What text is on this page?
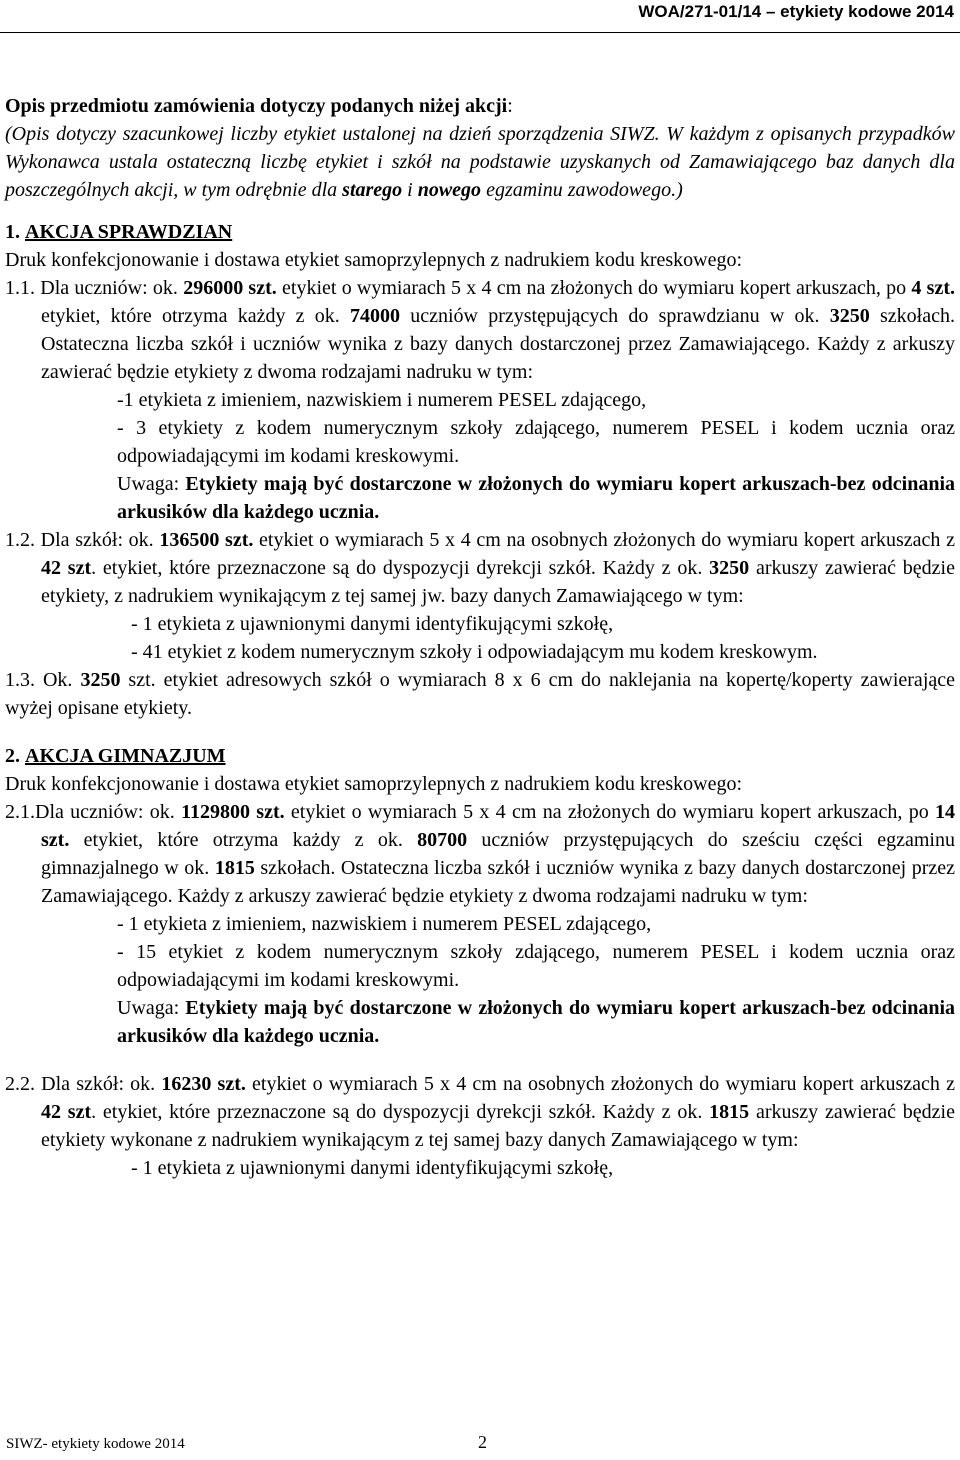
WOA/271-01/14 – etykiety kodowe 2014

Opis przedmiotu zamówienia dotyczy podanych niżej akcji:

(Opis dotyczy szacunkowej liczby etykiet ustalonej na dzień sporządzenia SIWZ. W każdym z opisanych przypadków Wykonawca ustala ostateczną liczbę etykiet i szkół na podstawie uzyskanych od Zamawiającego baz danych dla poszczególnych akcji, w tym odrębnie dla starego i nowego egzaminu zawodowego.)

1. AKCJA SPRAWDZIAN

Druk konfekcjonowanie i dostawa etykiet samoprzylepnych z nadrukiem kodu kreskowego:

1.1. Dla uczniów: ok. 296000 szt. etykiet o wymiarach 5 x 4 cm na złożonych do wymiaru kopert arkuszach, po 4 szt. etykiet, które otrzyma każdy z ok. 74000 uczniów przystępujących do sprawdzianu w ok. 3250 szkołach. Ostateczna liczba szkół i uczniów wynika z bazy danych dostarczonej przez Zamawiającego. Każdy z arkuszy zawierać będzie etykiety z dwoma rodzajami nadruku w tym:

-1 etykieta z imieniem, nazwiskiem i numerem PESEL zdającego,

- 3 etykiety z kodem numerycznym szkoły zdającego, numerem PESEL i kodem ucznia oraz odpowiadającymi im kodami kreskowymi.

Uwaga: Etykiety mają być dostarczone w złożonych do wymiaru kopert arkuszach-bez odcinania arkusików dla każdego ucznia.

1.2. Dla szkół: ok. 136500 szt. etykiet o wymiarach 5 x 4 cm na osobnych złożonych do wymiaru kopert arkuszach z 42 szt. etykiet, które przeznaczone są do dyspozycji dyrekcji szkół. Każdy z ok. 3250 arkuszy zawierać będzie etykiety, z nadrukiem wynikającym z tej samej jw. bazy danych Zamawiającego w tym:

- 1 etykieta z ujawnionymi danymi identyfikującymi szkołę,

- 41 etykiet z kodem numerycznym szkoły i odpowiadającym mu kodem kreskowym.

1.3. Ok. 3250 szt. etykiet adresowych szkół o wymiarach 8 x 6 cm do naklejania na kopertę/koperty zawierające wyżej opisane etykiety.

2. AKCJA GIMNAZJUM

Druk konfekcjonowanie i dostawa etykiet samoprzylepnych z nadrukiem kodu kreskowego:

2.1.Dla uczniów: ok. 1129800 szt. etykiet o wymiarach 5 x 4 cm na złożonych do wymiaru kopert arkuszach, po 14 szt. etykiet, które otrzyma każdy z ok. 80700 uczniów przystępujących do sześciu części egzaminu gimnazjalnego w ok. 1815 szkołach. Ostateczna liczba szkół i uczniów wynika z bazy danych dostarczonej przez Zamawiającego. Każdy z arkuszy zawierać będzie etykiety z dwoma rodzajami nadruku w tym:

- 1 etykieta z imieniem, nazwiskiem i numerem PESEL zdającego,

- 15 etykiet z kodem numerycznym szkoły zdającego, numerem PESEL i kodem ucznia oraz odpowiadającymi im kodami kreskowymi.

Uwaga: Etykiety mają być dostarczone w złożonych do wymiaru kopert arkuszach-bez odcinania arkusików dla każdego ucznia.

2.2. Dla szkół: ok. 16230 szt. etykiet o wymiarach 5 x 4 cm na osobnych złożonych do wymiaru kopert arkuszach z 42 szt. etykiet, które przeznaczone są do dyspozycji dyrekcji szkół. Każdy z ok. 1815 arkuszy zawierać będzie etykiety wykonane z nadrukiem wynikającym z tej samej bazy danych Zamawiającego w tym:

- 1 etykieta z ujawnionymi danymi identyfikującymi szkołę,

SIWZ- etykiety kodowe 2014	2
